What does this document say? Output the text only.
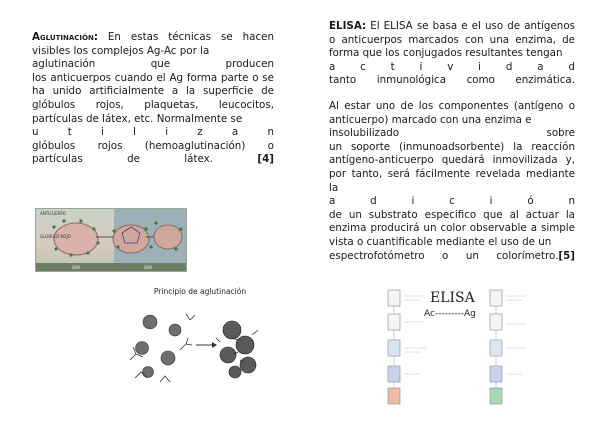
Aglutinación: En estas técnicas se hacen visibles los complejos Ag-Ac por la

aglutinación	que	producen

los anticuerpos cuando el Ag forma parte o se ha unido artificialmente a la superficie de glóbulos rojos, plaquetas, leucocitos, partículas de látex, etc. Normalmente se

u	t	i	l	i	z	a	n
glóbulos rojos (hemoaglutinación) o
partículas	de	látex.	[4]

ELISA: El ELISA se basa e el uso de antígenos o anticuerpos marcados con una enzima, de forma que los conjugados resultantes tengan

a c t i v i d a d
tanto inmunológica como enzimática.

Al estar uno de los componentes (antígeno o anticuerpo) marcado con una enzima e

insolubilizado	sobre

un soporte (inmunoadsorbente) la reacción antígeno-anticuerpo quedará inmovilizada y, por tanto, será fácilmente revelada mediante la

a	d	i	c	i	ó	n

de un substrato especifico que al actuar la enzima producirá un color observable a simple vista o cuantificable mediante el uso de un

espectrofotómetro o un colorímetro.[5]
ANTICUERPO
GLOBULO ROJO
SAR	SAR
Principio de aglutinación	ELISA
Ac---------Ag
